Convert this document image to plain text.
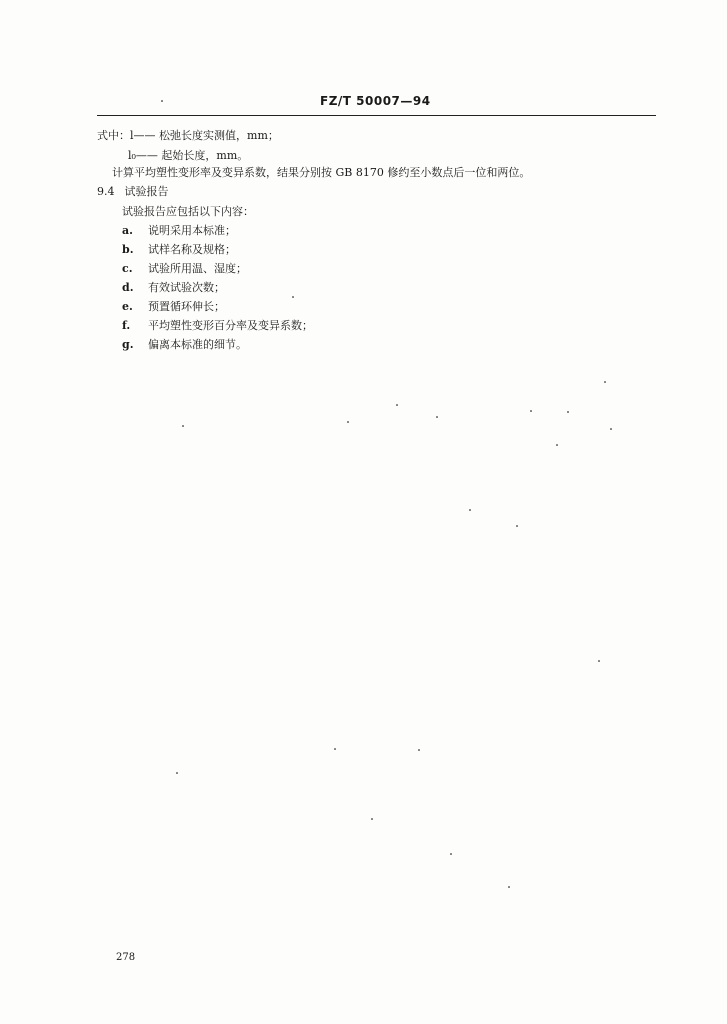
FZ/T 50007—94
式中：l—— 松弛长度实测值，mm；
l₀—— 起始长度，mm。
计算平均塑性变形率及变异系数，结果分别按 GB 8170 修约至小数点后一位和两位。
9.4 试验报告
试验报告应包括以下内容：
a. 说明采用本标准；
b. 试样名称及规格；
c. 试验所用温、湿度；
d. 有效试验次数；
e. 预置循环伸长；
f. 平均塑性变形百分率及变异系数；
g. 偏离本标准的细节。
278
